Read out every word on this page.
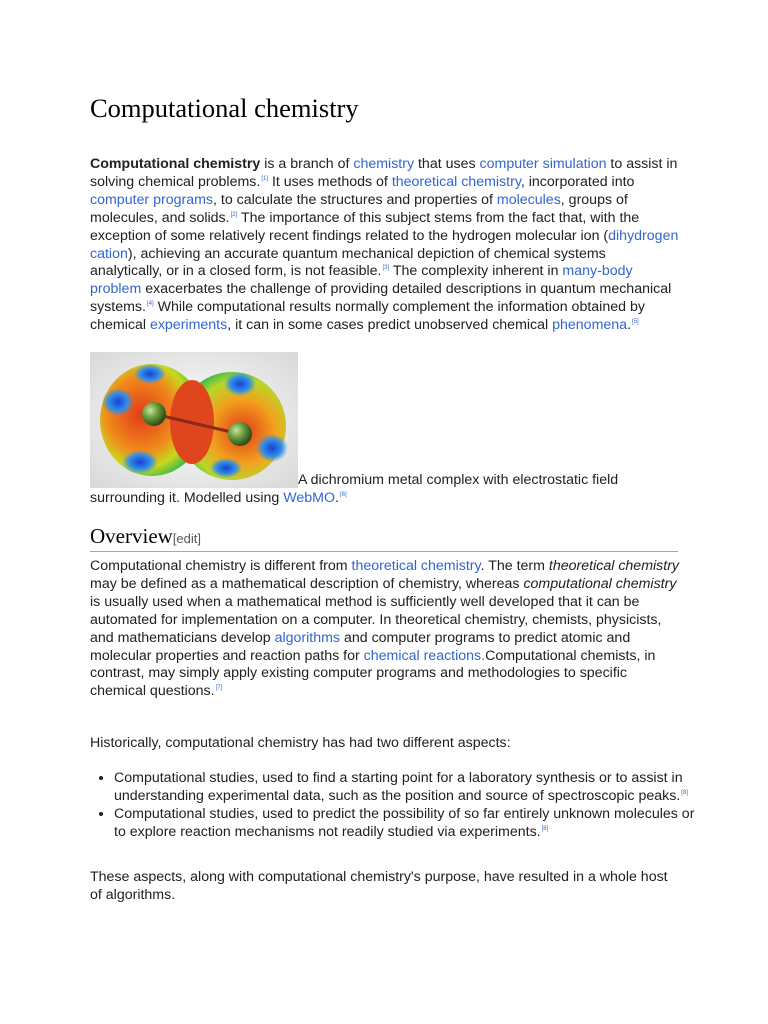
Computational chemistry

Computational chemistry is a branch of chemistry that uses computer simulation to assist in solving chemical problems.[1] It uses methods of theoretical chemistry, incorporated into computer programs, to calculate the structures and properties of molecules, groups of molecules, and solids.[2] The importance of this subject stems from the fact that, with the exception of some relatively recent findings related to the hydrogen molecular ion (dihydrogen cation), achieving an accurate quantum mechanical depiction of chemical systems analytically, or in a closed form, is not feasible.[3] The complexity inherent in many-body problem exacerbates the challenge of providing detailed descriptions in quantum mechanical systems.[4] While computational results normally complement the information obtained by chemical experiments, it can in some cases predict unobserved chemical phenomena.[5]

A dichromium metal complex with electrostatic field surrounding it. Modelled using WebMO.[6]

Overview[edit]

Computational chemistry is different from theoretical chemistry. The term theoretical chemistry may be defined as a mathematical description of chemistry, whereas computational chemistry is usually used when a mathematical method is sufficiently well developed that it can be automated for implementation on a computer. In theoretical chemistry, chemists, physicists, and mathematicians develop algorithms and computer programs to predict atomic and molecular properties and reaction paths for chemical reactions.Computational chemists, in contrast, may simply apply existing computer programs and methodologies to specific chemical questions.[7]

Historically, computational chemistry has had two different aspects:

• Computational studies, used to find a starting point for a laboratory synthesis or to assist in understanding experimental data, such as the position and source of spectroscopic peaks.[8]
• Computational studies, used to predict the possibility of so far entirely unknown molecules or to explore reaction mechanisms not readily studied via experiments.[8]

These aspects, along with computational chemistry's purpose, have resulted in a whole host of algorithms.
